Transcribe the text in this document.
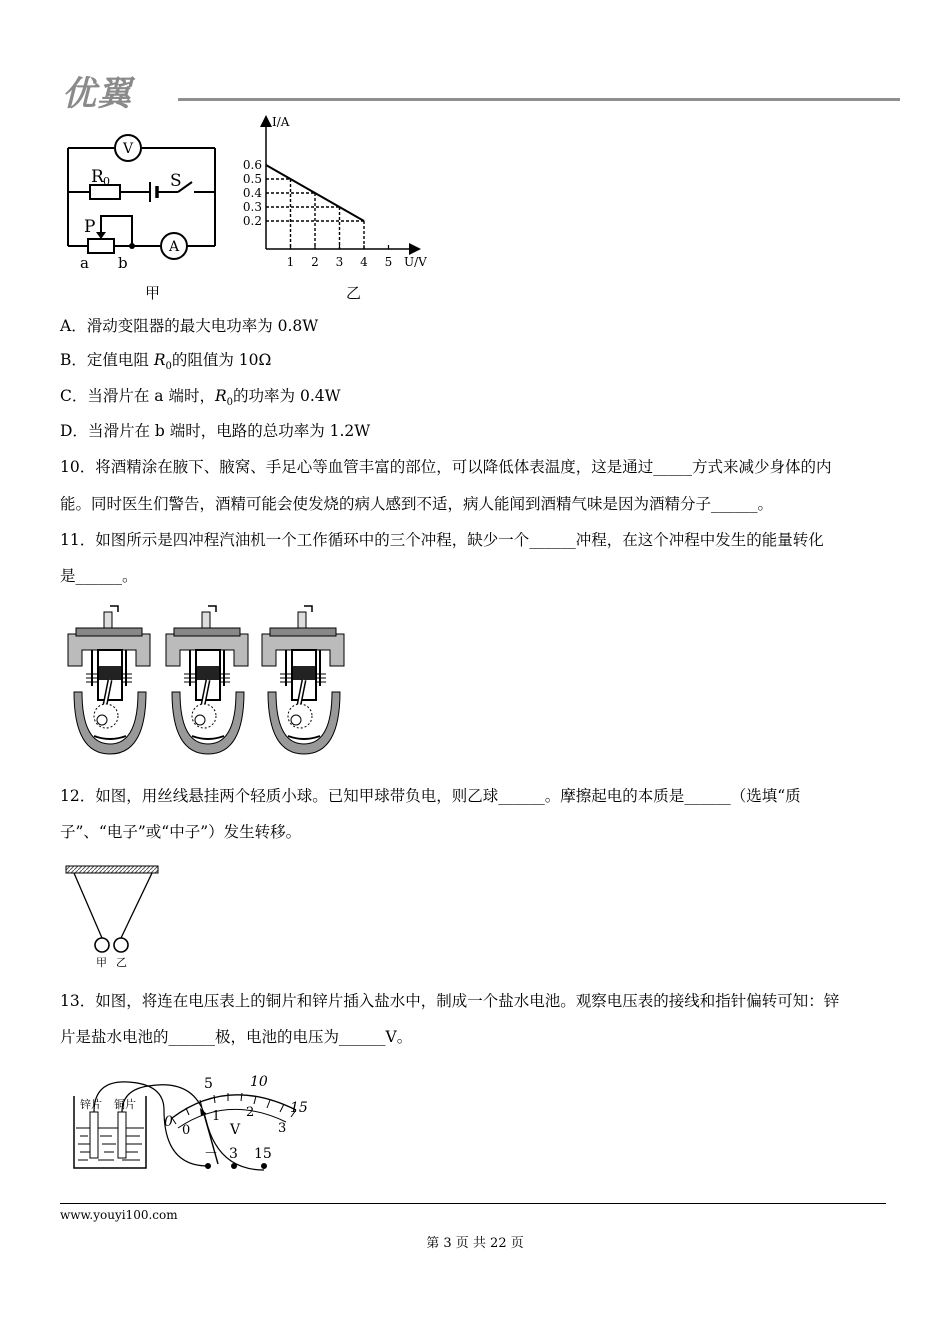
优翼
V
A
R 0	S
P
a b
甲
I/A
U/V
0.2
0.3
0.4
0.5
0.6
1 2 3 4 5
乙
A．滑动变阻器的最大电功率为 0.8W
B．定值电阻 $R_0$的阻值为 10Ω
C．当滑片在 a 端时，$R_0$的功率为 0.4W
D．当滑片在 b 端时，电路的总功率为 1.2W
10．将酒精涂在腋下、腋窝、手足心等血管丰富的部位，可以降低体表温度，这是通过_____方式来减少身体的内
能。同时医生们警告，酒精可能会使发烧的病人感到不适，病人能闻到酒精气味是因为酒精分子______。
11．如图所示是四冲程汽油机一个工作循环中的三个冲程，缺少一个______冲程，在这个冲程中发生的能量转化
是______。
12．如图，用丝线悬挂两个轻质小球。已知甲球带负电，则乙球______。摩擦起电的本质是______（选填“质
子”、“电子”或“中子”）发生转移。
甲 乙
13．如图，将连在电压表上的铜片和锌片插入盐水中，制成一个盐水电池。观察电压表的接线和指针偏转可知：锌
片是盐水电池的______极，电池的电压为______V。
锌片 铜片
0
5	10
15
0
1 2
3
V
－ 3 15
www.youyi100.com
第 3 页 共 22 页
